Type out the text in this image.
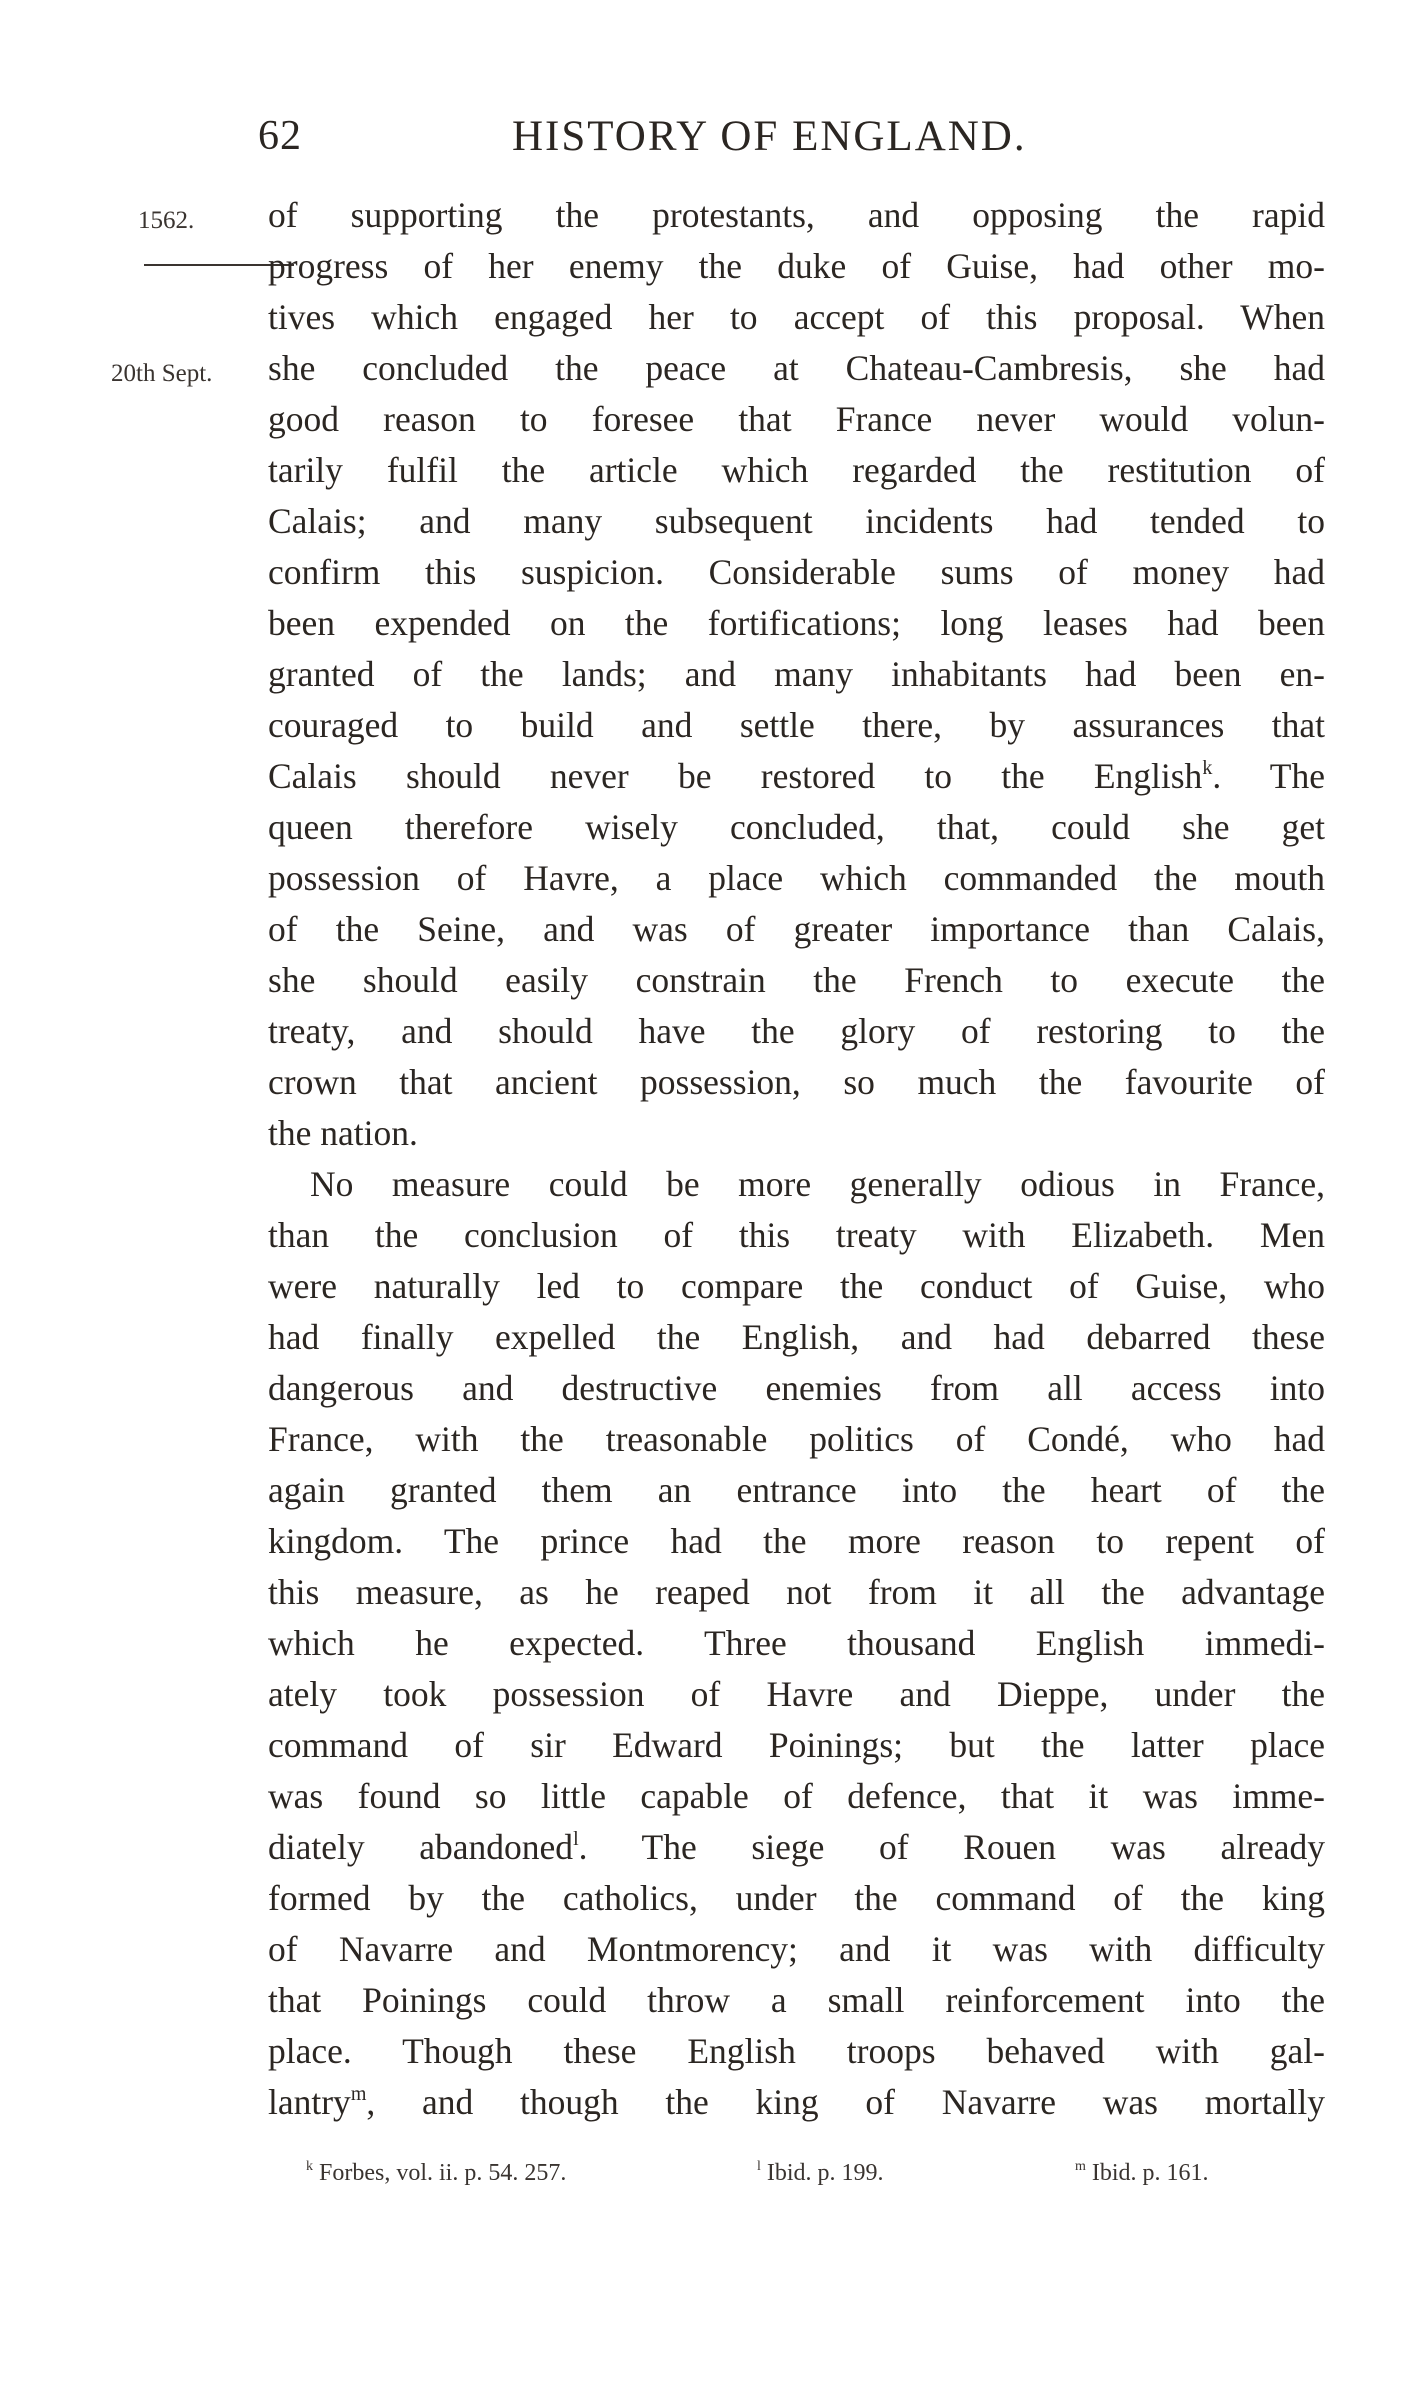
62	HISTORY OF ENGLAND.
1562.
20th Sept.
of supporting the protestants, and opposing the rapid
progress of her enemy the duke of Guise, had other mo-
tives which engaged her to accept of this proposal. When
she concluded the peace at Chateau-Cambresis, she had
good reason to foresee that France never would volun-
tarily fulfil the article which regarded the restitution of
Calais; and many subsequent incidents had tended to
confirm this suspicion. Considerable sums of money had
been expended on the fortifications; long leases had been
granted of the lands; and many inhabitants had been en-
couraged to build and settle there, by assurances that
Calais should never be restored to the English$^k$. The
queen therefore wisely concluded, that, could she get
possession of Havre, a place which commanded the mouth
of the Seine, and was of greater importance than Calais,
she should easily constrain the French to execute the
treaty, and should have the glory of restoring to the
crown that ancient possession, so much the favourite of
the nation.
No measure could be more generally odious in France,
than the conclusion of this treaty with Elizabeth. Men
were naturally led to compare the conduct of Guise, who
had finally expelled the English, and had debarred these
dangerous and destructive enemies from all access into
France, with the treasonable politics of Condé, who had
again granted them an entrance into the heart of the
kingdom. The prince had the more reason to repent of
this measure, as he reaped not from it all the advantage
which he expected. Three thousand English immedi-
ately took possession of Havre and Dieppe, under the
command of sir Edward Poinings; but the latter place
was found so little capable of defence, that it was imme-
diately abandoned$^l$. The siege of Rouen was already
formed by the catholics, under the command of the king
of Navarre and Montmorency; and it was with difficulty
that Poinings could throw a small reinforcement into the
place. Though these English troops behaved with gal-
lantry$^m$, and though the king of Navarre was mortally
$^k$ Forbes, vol. ii. p. 54. 257.	$^l$ Ibid. p. 199.	$^m$ Ibid. p. 161.
